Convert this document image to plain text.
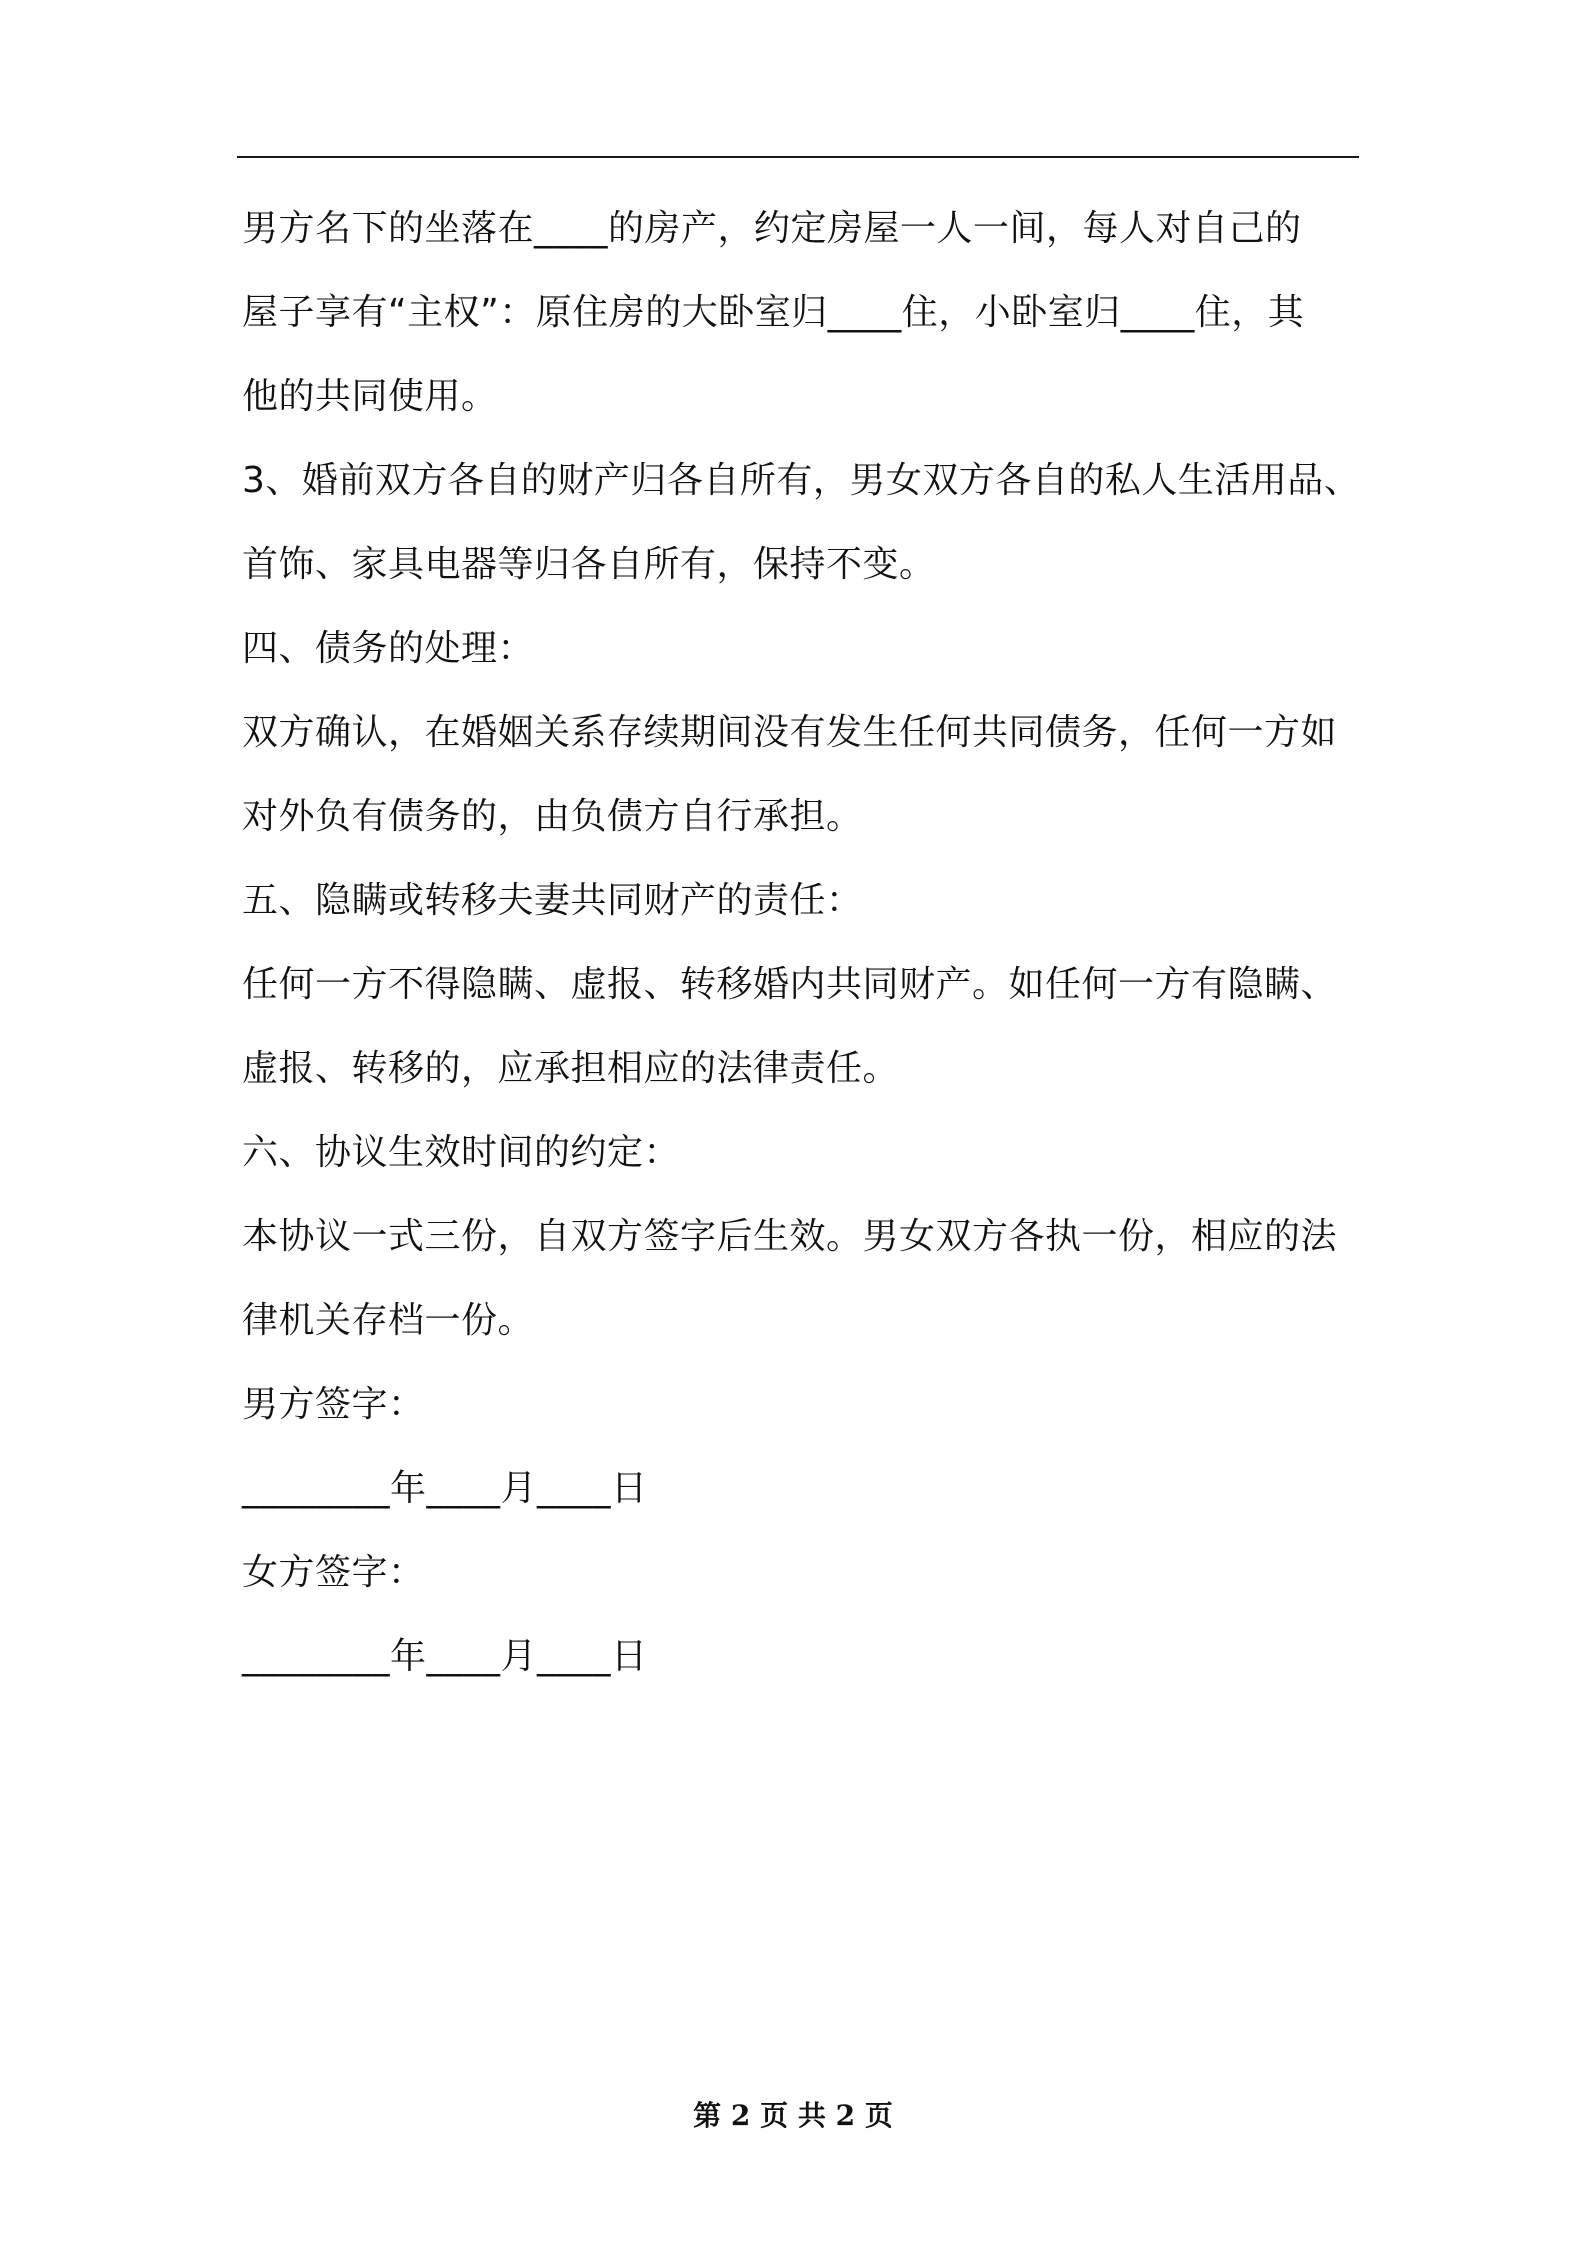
男方名下的坐落在____的房产，约定房屋一人一间，每人对自己的
屋子享有“主权”：原住房的大卧室归____住，小卧室归____住，其
他的共同使用。
3、婚前双方各自的财产归各自所有，男女双方各自的私人生活用品、
首饰、家具电器等归各自所有，保持不变。
四、债务的处理：
双方确认，在婚姻关系存续期间没有发生任何共同债务，任何一方如
对外负有债务的，由负债方自行承担。
五、隐瞒或转移夫妻共同财产的责任：
任何一方不得隐瞒、虚报、转移婚内共同财产。如任何一方有隐瞒、
虚报、转移的，应承担相应的法律责任。
六、协议生效时间的约定：
本协议一式三份，自双方签字后生效。男女双方各执一份，相应的法
律机关存档一份。
男方签字：
________年____月____日
女方签字：
________年____月____日
第 2 页 共 2 页
